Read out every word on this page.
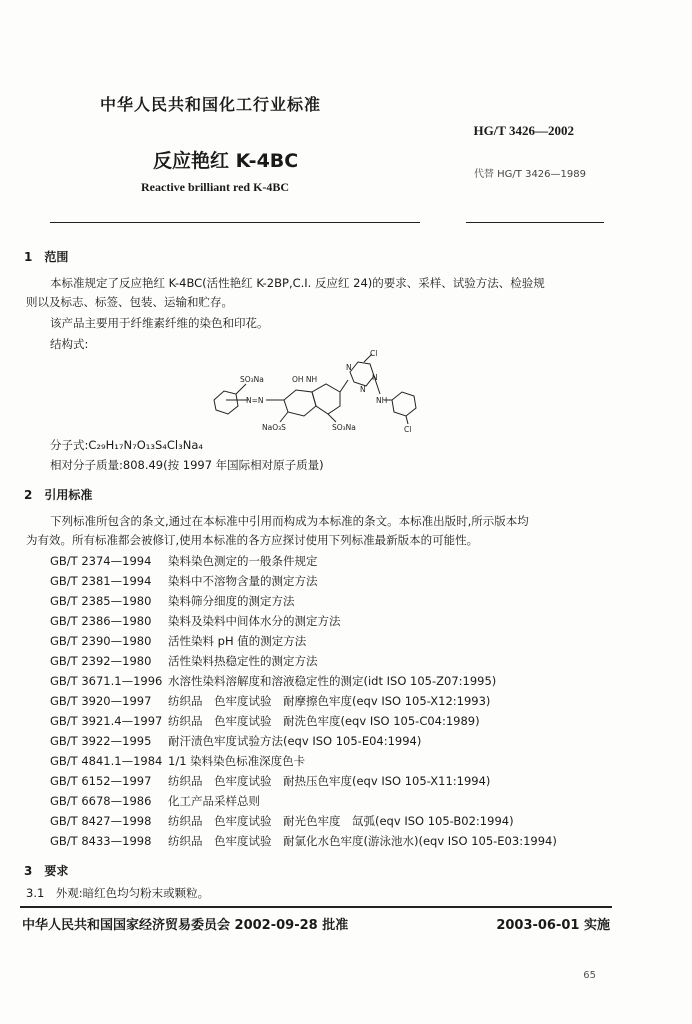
中华人民共和国化工行业标准
HG/T 3426—2002
反应艳红 K-4BC
代替 HG/T 3426—1989
Reactive brilliant red K-4BC
1　范围
本标准规定了反应艳红 K-4BC(活性艳红 K-2BP,C.I. 反应红 24)的要求、采样、试验方法、检验规
则以及标志、标签、包装、运输和贮存。
该产品主要用于纤维素纤维的染色和印花。
结构式:
Cl
N
N
N
SO₃Na	OH NH
N=N	NH
NaO₃S	SO₃Na	Cl
分子式:C₂₉H₁₇N₇O₁₃S₄Cl₃Na₄
相对分子质量:808.49(按 1997 年国际相对原子质量)
2　引用标准
下列标准所包含的条文,通过在本标准中引用而构成为本标准的条文。本标准出版时,所示版本均
为有效。所有标准都会被修订,使用本标准的各方应探讨使用下列标准最新版本的可能性。
GB/T 2374—1994 染料染色测定的一般条件规定
GB/T 2381—1994 染料中不溶物含量的测定方法
GB/T 2385—1980 染料筛分细度的测定方法
GB/T 2386—1980 染料及染料中间体水分的测定方法
GB/T 2390—1980 活性染料 pH 值的测定方法
GB/T 2392—1980 活性染料热稳定性的测定方法
GB/T 3671.1—1996 水溶性染料溶解度和溶液稳定性的测定(idt ISO 105-Z07:1995)
GB/T 3920—1997 纺织品　色牢度试验　耐摩擦色牢度(eqv ISO 105-X12:1993)
GB/T 3921.4—1997 纺织品　色牢度试验　耐洗色牢度(eqv ISO 105-C04:1989)
GB/T 3922—1995 耐汗渍色牢度试验方法(eqv ISO 105-E04:1994)
GB/T 4841.1—1984 1/1 染料染色标准深度色卡
GB/T 6152—1997 纺织品　色牢度试验　耐热压色牢度(eqv ISO 105-X11:1994)
GB/T 6678—1986 化工产品采样总则
GB/T 8427—1998 纺织品　色牢度试验　耐光色牢度　氙弧(eqv ISO 105-B02:1994)
GB/T 8433—1998 纺织品　色牢度试验　耐氯化水色牢度(游泳池水)(eqv ISO 105-E03:1994)
3　要求
3.1　外观:暗红色均匀粉末或颗粒。
中华人民共和国国家经济贸易委员会 2002-09-28 批准	2003-06-01 实施
65
